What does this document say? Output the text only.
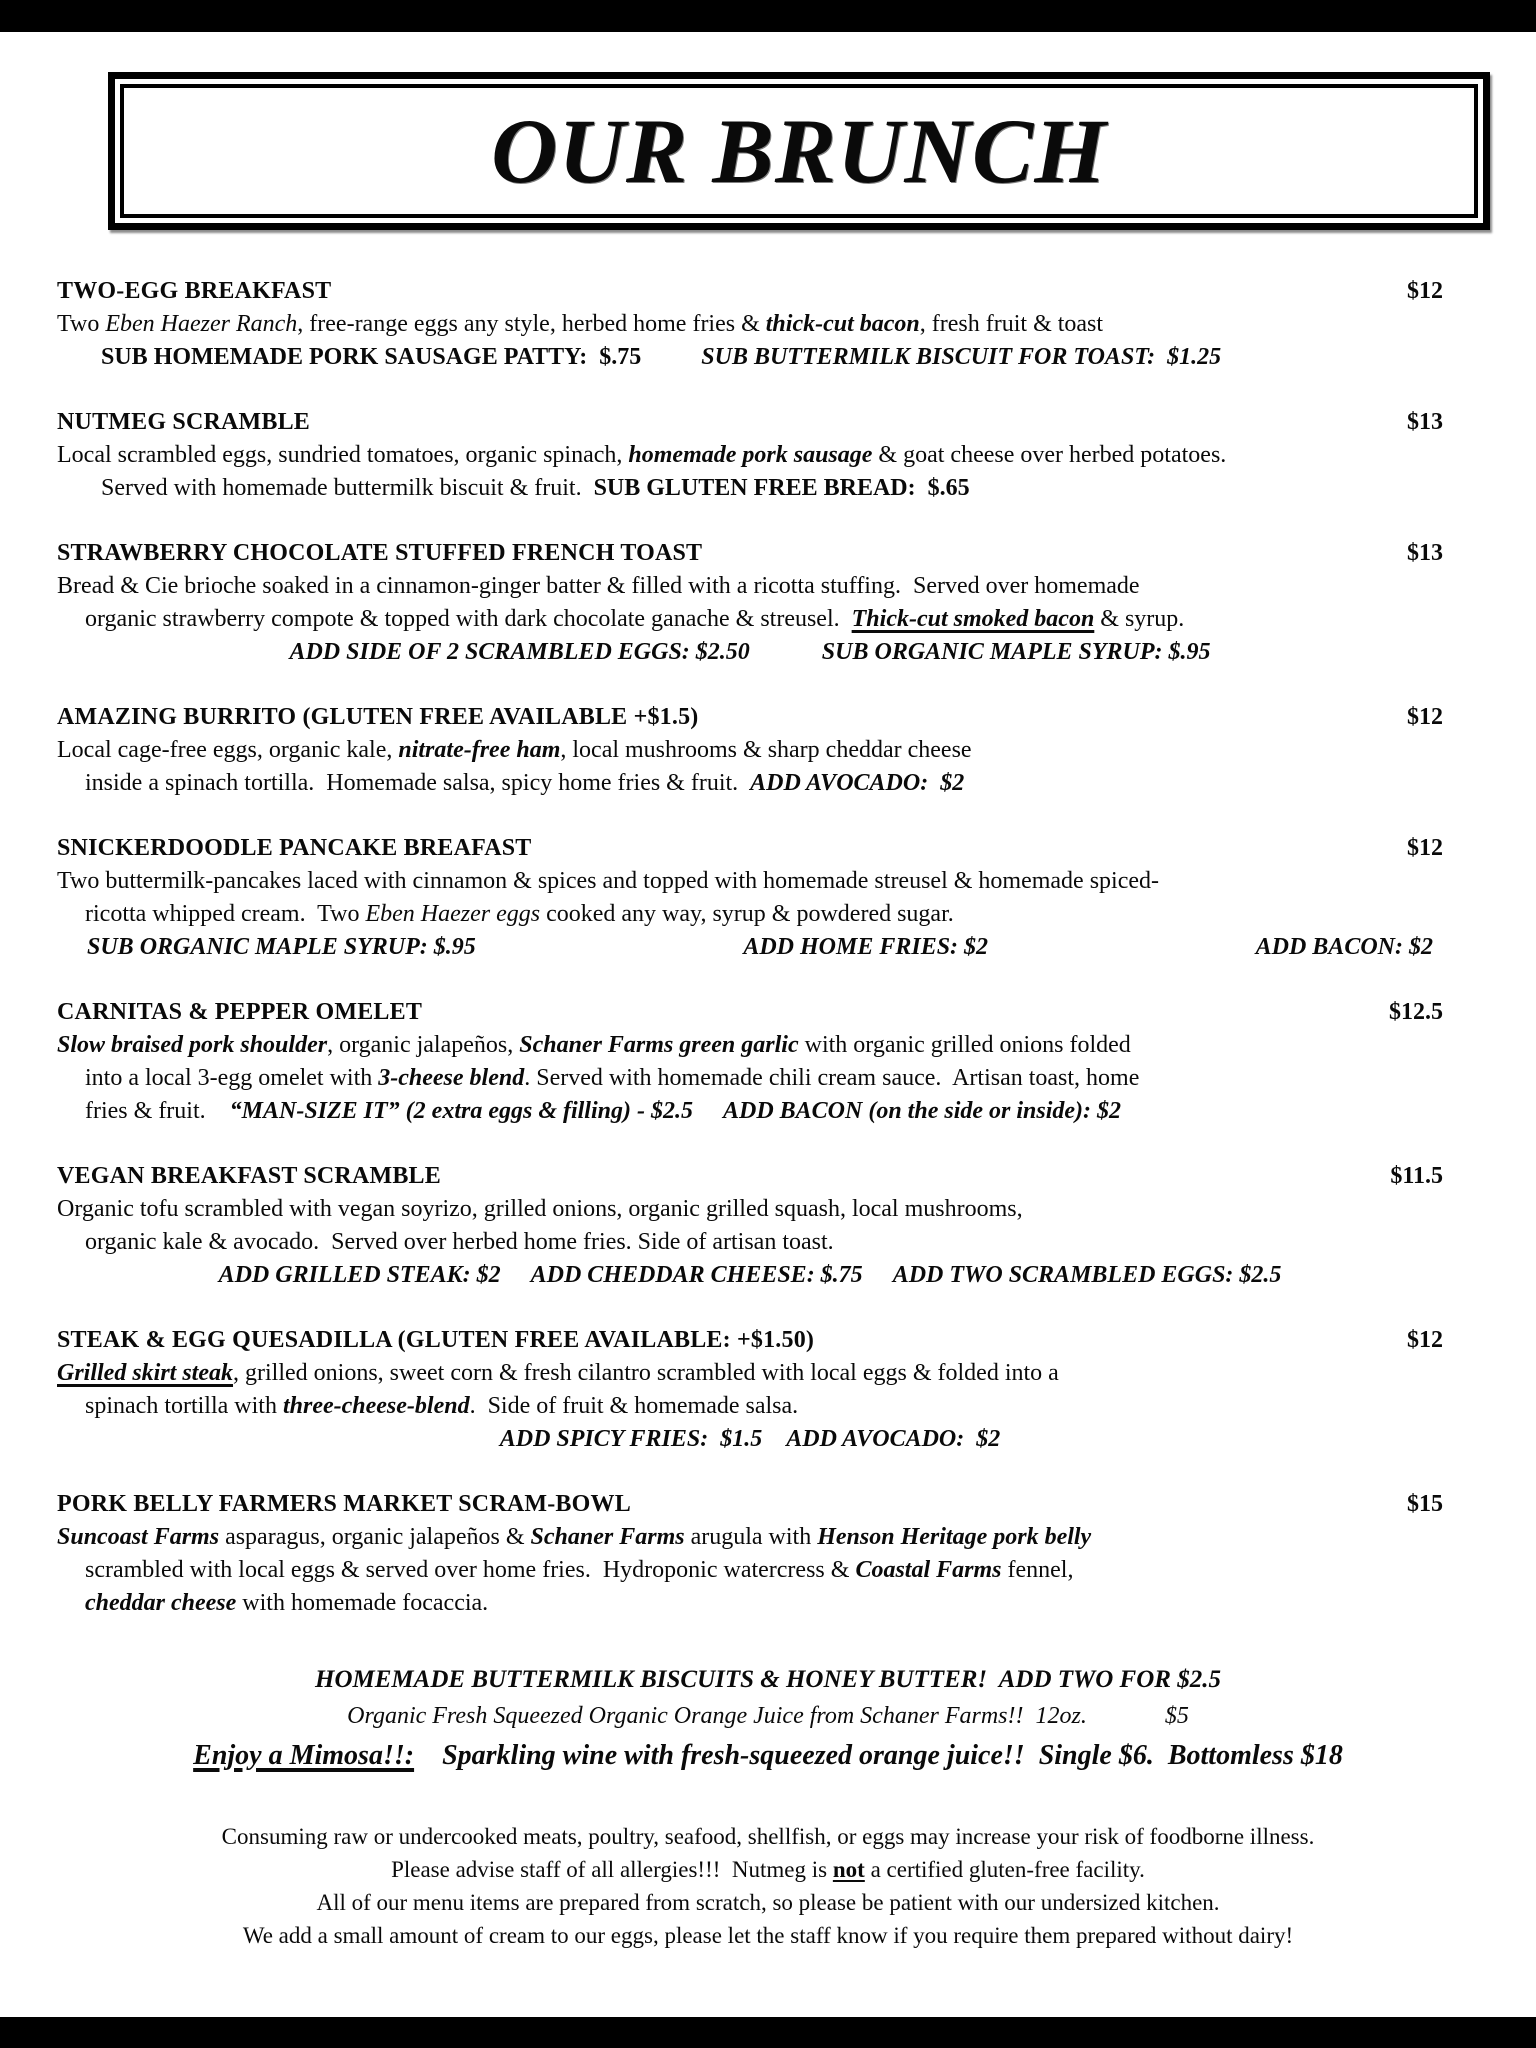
OUR BRUNCH
TWO-EGG BREAKFAST	$12
Two Eben Haezer Ranch, free-range eggs any style, herbed home fries & thick-cut bacon, fresh fruit & toast
SUB HOMEMADE PORK SAUSAGE PATTY:  $.75	SUB BUTTERMILK BISCUIT FOR TOAST:  $1.25
NUTMEG SCRAMBLE	$13
Local scrambled eggs, sundried tomatoes, organic spinach, homemade pork sausage & goat cheese over herbed potatoes.
Served with homemade buttermilk biscuit & fruit.  SUB GLUTEN FREE BREAD:  $.65
STRAWBERRY CHOCOLATE STUFFED FRENCH TOAST	$13
Bread & Cie brioche soaked in a cinnamon-ginger batter & filled with a ricotta stuffing.  Served over homemade
organic strawberry compote & topped with dark chocolate ganache & streusel.  Thick-cut smoked bacon & syrup.
ADD SIDE OF 2 SCRAMBLED EGGS: $2.50	SUB ORGANIC MAPLE SYRUP: $.95
AMAZING BURRITO (GLUTEN FREE AVAILABLE +$1.5)	$12
Local cage-free eggs, organic kale, nitrate-free ham, local mushrooms & sharp cheddar cheese
inside a spinach tortilla.  Homemade salsa, spicy home fries & fruit.  ADD AVOCADO:  $2
SNICKERDOODLE PANCAKE BREAFAST	$12
Two buttermilk-pancakes laced with cinnamon & spices and topped with homemade streusel & homemade spiced-
ricotta whipped cream.  Two Eben Haezer eggs cooked any way, syrup & powdered sugar.
SUB ORGANIC MAPLE SYRUP: $.95	ADD HOME FRIES: $2	ADD BACON: $2
CARNITAS & PEPPER OMELET	$12.5
Slow braised pork shoulder, organic jalapeños, Schaner Farms green garlic with organic grilled onions folded
into a local 3-egg omelet with 3-cheese blend. Served with homemade chili cream sauce.  Artisan toast, home
fries & fruit.    “MAN-SIZE IT” (2 extra eggs & filling) - $2.5 ADD BACON (on the side or inside): $2
VEGAN BREAKFAST SCRAMBLE	$11.5
Organic tofu scrambled with vegan soyrizo, grilled onions, organic grilled squash, local mushrooms,
organic kale & avocado.  Served over herbed home fries. Side of artisan toast.
ADD GRILLED STEAK: $2 ADD CHEDDAR CHEESE: $.75 ADD TWO SCRAMBLED EGGS: $2.5
STEAK & EGG QUESADILLA (GLUTEN FREE AVAILABLE: +$1.50)	$12
Grilled skirt steak, grilled onions, sweet corn & fresh cilantro scrambled with local eggs & folded into a
spinach tortilla with three-cheese-blend.  Side of fruit & homemade salsa.
ADD SPICY FRIES:  $1.5 ADD AVOCADO:  $2
PORK BELLY FARMERS MARKET SCRAM-BOWL	$15
Suncoast Farms asparagus, organic jalapeños & Schaner Farms arugula with Henson Heritage pork belly
scrambled with local eggs & served over home fries.  Hydroponic watercress & Coastal Farms fennel,
cheddar cheese with homemade focaccia.
HOMEMADE BUTTERMILK BISCUITS & HONEY BUTTER!  ADD TWO FOR $2.5
Organic Fresh Squeezed Organic Orange Juice from Schaner Farms!!  12oz.             $5
Enjoy a Mimosa!!: Sparkling wine with fresh-squeezed orange juice!!  Single $6.  Bottomless $18
Consuming raw or undercooked meats, poultry, seafood, shellfish, or eggs may increase your risk of foodborne illness.
Please advise staff of all allergies!!!  Nutmeg is not a certified gluten-free facility.
All of our menu items are prepared from scratch, so please be patient with our undersized kitchen.
We add a small amount of cream to our eggs, please let the staff know if you require them prepared without dairy!
